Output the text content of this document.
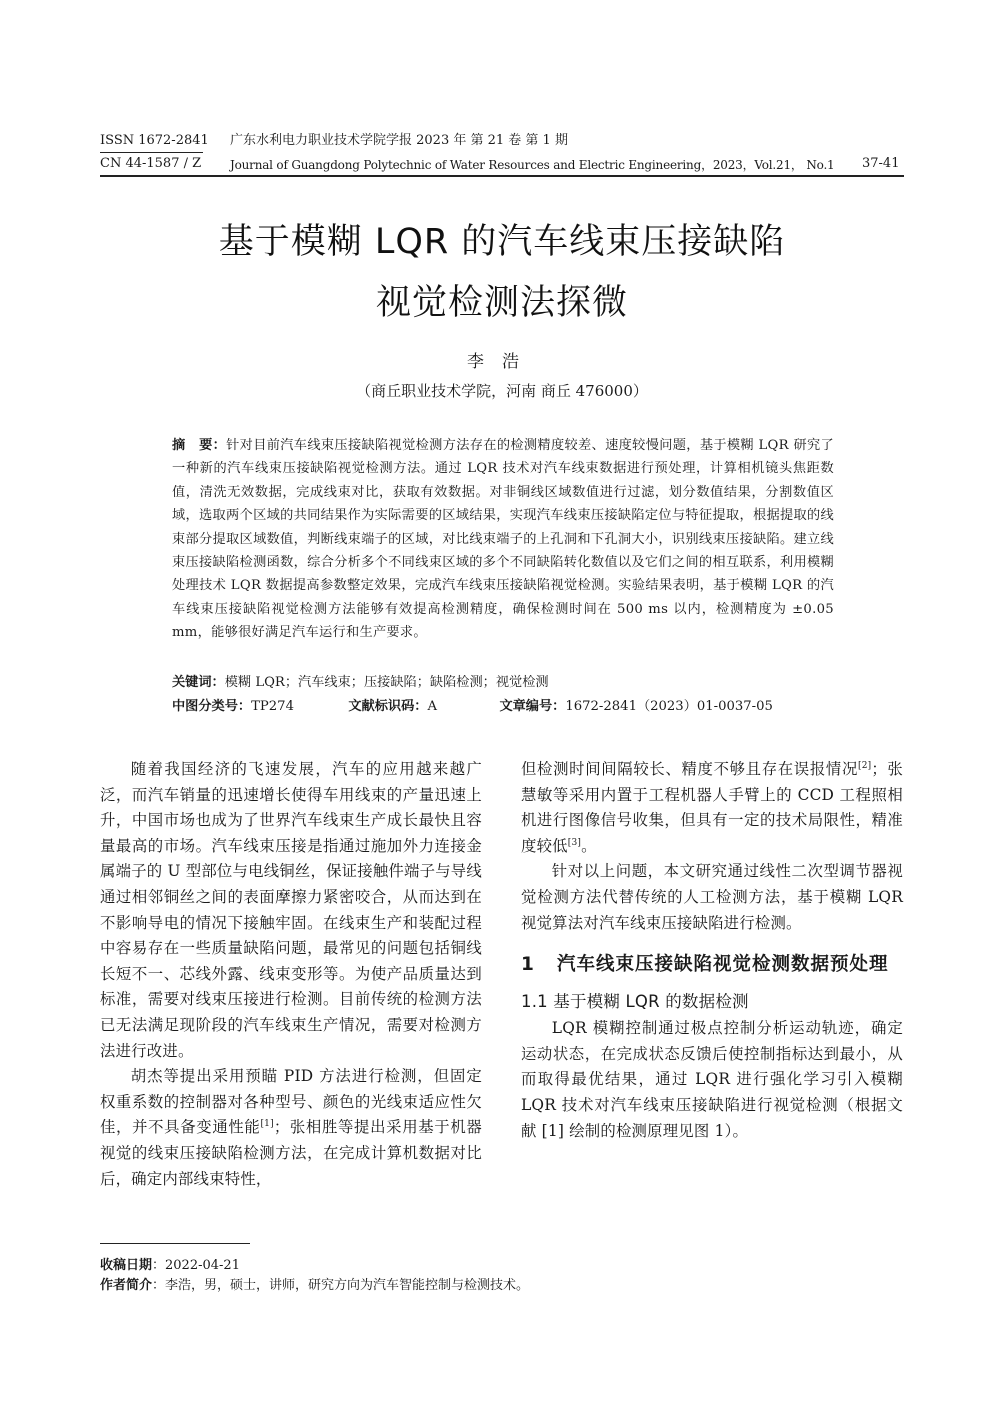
ISSN 1672-2841 广东水利电力职业技术学院学报 2023 年 第 21 卷 第 1 期
CN 44-1587 / Z Journal of Guangdong Polytechnic of Water Resources and Electric Engineering，2023，Vol.21， No.1 37-41
基于模糊 LQR 的汽车线束压接缺陷
视觉检测法探微
李浩
（商丘职业技术学院，河南 商丘 476000）
摘　要：针对目前汽车线束压接缺陷视觉检测方法存在的检测精度较差、速度较慢问题，基于模糊 LQR 研究了一种新的汽车线束压接缺陷视觉检测方法。通过 LQR 技术对汽车线束数据进行预处理，计算相机镜头焦距数值，清洗无效数据，完成线束对比，获取有效数据。对非铜线区域数值进行过滤，划分数值结果，分割数值区域，选取两个区域的共同结果作为实际需要的区域结果，实现汽车线束压接缺陷定位与特征提取，根据提取的线束部分提取区域数值，判断线束端子的区域，对比线束端子的上孔洞和下孔洞大小，识别线束压接缺陷。建立线束压接缺陷检测函数，综合分析多个不同线束区域的多个不同缺陷转化数值以及它们之间的相互联系，利用模糊处理技术 LQR 数据提高参数整定效果，完成汽车线束压接缺陷视觉检测。实验结果表明，基于模糊 LQR 的汽车线束压接缺陷视觉检测方法能够有效提高检测精度，确保检测时间在 500 ms 以内，检测精度为 ±0.05 mm，能够很好满足汽车运行和生产要求。
关键词：模糊 LQR；汽车线束；压接缺陷；缺陷检测；视觉检测
中图分类号：TP274	文献标识码：A	文章编号：1672-2841（2023）01-0037-05

随着我国经济的飞速发展，汽车的应用越来越广泛，而汽车销量的迅速增长使得车用线束的产量迅速上升，中国市场也成为了世界汽车线束生产成长最快且容量最高的市场。汽车线束压接是指通过施加外力连接金属端子的 U 型部位与电线铜丝，保证接触件端子与导线通过相邻铜丝之间的表面摩擦力紧密咬合，从而达到在不影响导电的情况下接触牢固。在线束生产和装配过程中容易存在一些质量缺陷问题，最常见的问题包括铜线长短不一、芯线外露、线束变形等。为使产品质量达到标准，需要对线束压接进行检测。目前传统的检测方法已无法满足现阶段的汽车线束生产情况，需要对检测方法进行改进。

胡杰等提出采用预瞄 PID 方法进行检测，但固定权重系数的控制器对各种型号、颜色的光线束适应性欠佳，并不具备变通性能[1]；张相胜等提出采用基于机器视觉的线束压接缺陷检测方法，在完成计算机数据对比后，确定内部线束特性，

但检测时间间隔较长、精度不够且存在误报情况[2]；张慧敏等采用内置于工程机器人手臂上的 CCD 工程照相机进行图像信号收集，但具有一定的技术局限性，精准度较低[3]。

针对以上问题，本文研究通过线性二次型调节器视觉检测方法代替传统的人工检测方法，基于模糊 LQR 视觉算法对汽车线束压接缺陷进行检测。

1 汽车线束压接缺陷视觉检测数据预处理
1.1 基于模糊 LQR 的数据检测

LQR 模糊控制通过极点控制分析运动轨迹，确定运动状态，在完成状态反馈后使控制指标达到最小，从而取得最优结果，通过 LQR 进行强化学习引入模糊 LQR 技术对汽车线束压接缺陷进行视觉检测（根据文献 [1] 绘制的检测原理见图 1）。

收稿日期：2022-04-21
作者简介：李浩，男，硕士，讲师，研究方向为汽车智能控制与检测技术。
